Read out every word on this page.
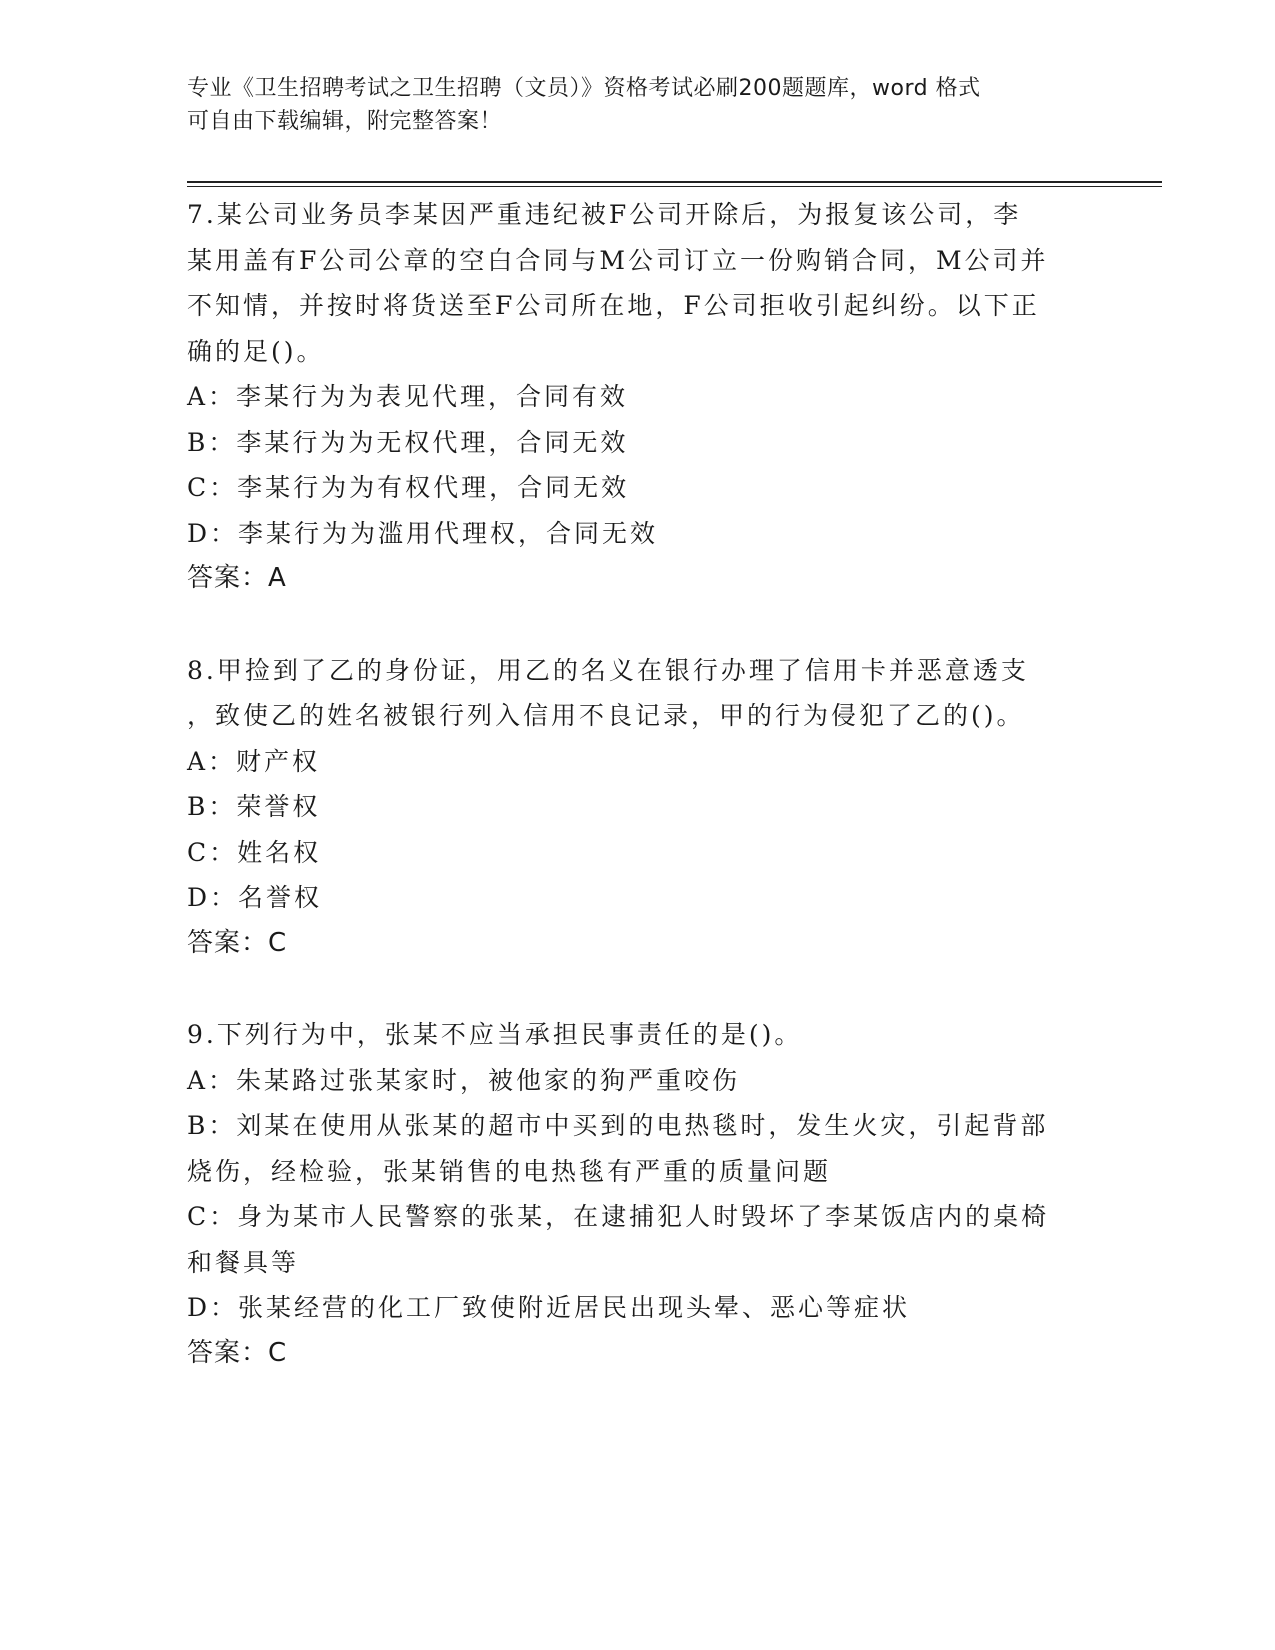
专业《卫生招聘考试之卫生招聘（文员）》资格考试必刷200题题库，word 格式
可自由下载编辑，附完整答案！

7.某公司业务员李某因严重违纪被F公司开除后，为报复该公司，李

某用盖有F公司公章的空白合同与M公司订立一份购销合同，M公司并

不知情，并按时将货送至F公司所在地，F公司拒收引起纠纷。以下正

确的足()。

A：李某行为为表见代理，合同有效

B：李某行为为无权代理，合同无效

C：李某行为为有权代理，合同无效

D：李某行为为滥用代理权，合同无效

答案：A

8.甲捡到了乙的身份证，用乙的名义在银行办理了信用卡并恶意透支

，致使乙的姓名被银行列入信用不良记录，甲的行为侵犯了乙的()。

A：财产权

B：荣誉权

C：姓名权

D：名誉权

答案：C

9.下列行为中，张某不应当承担民事责任的是()。

A：朱某路过张某家时，被他家的狗严重咬伤

B：刘某在使用从张某的超市中买到的电热毯时，发生火灾，引起背部

烧伤，经检验，张某销售的电热毯有严重的质量问题

C：身为某市人民警察的张某，在逮捕犯人时毁坏了李某饭店内的桌椅

和餐具等

D：张某经营的化工厂致使附近居民出现头晕、恶心等症状

答案：C
